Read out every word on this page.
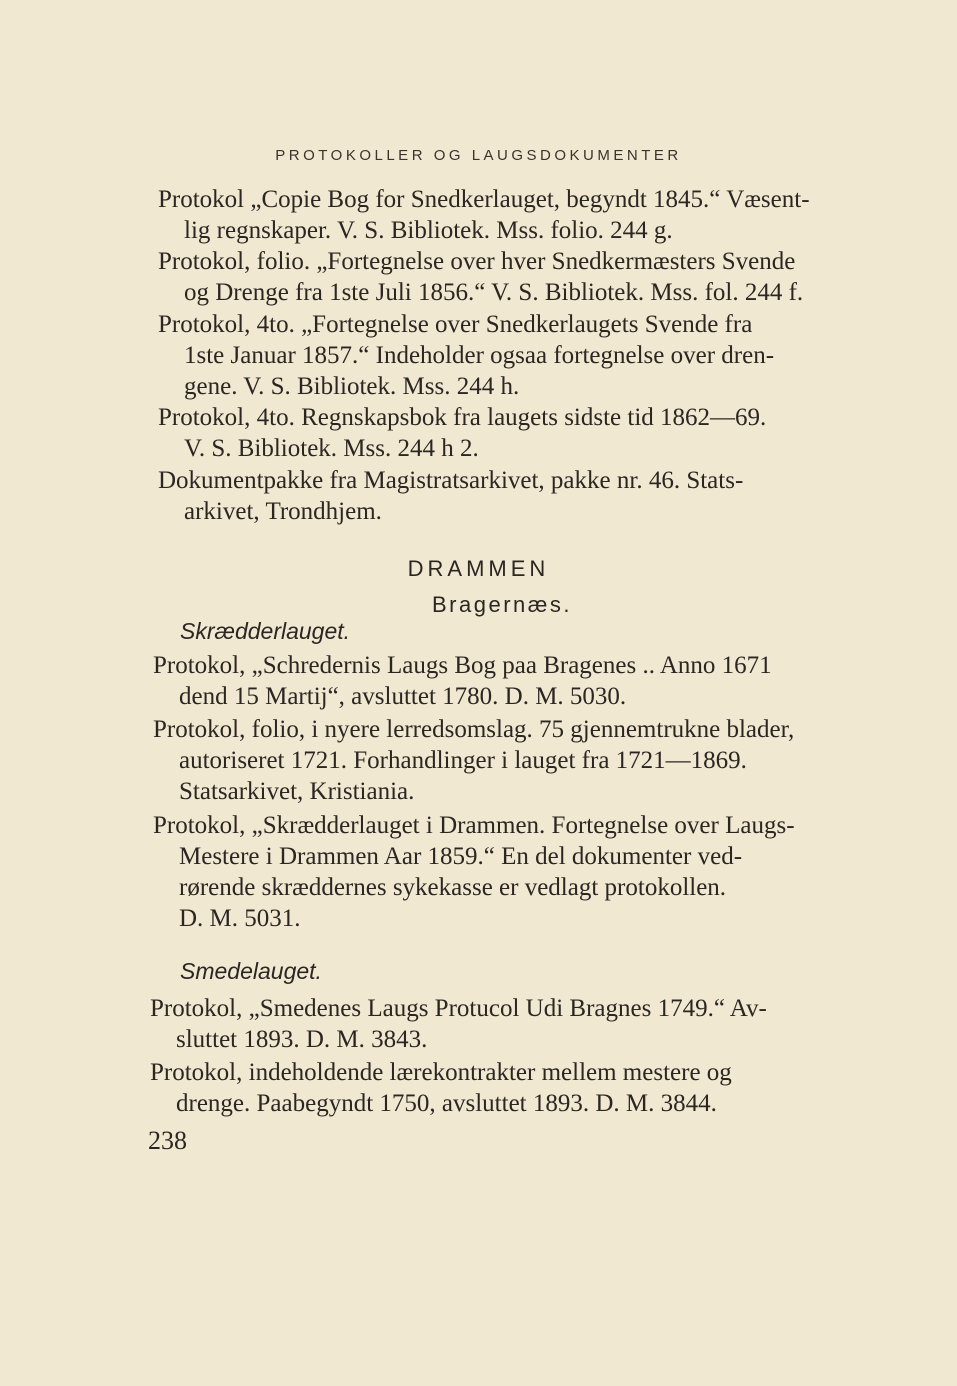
PROTOKOLLER OG LAUGSDOKUMENTER
Protokol „Copie Bog for Snedkerlauget, begyndt 1845.“ Væsent-
lig regnskaper. V. S. Bibliotek. Mss. folio. 244 g.
Protokol, folio. „Fortegnelse over hver Snedkermæsters Svende
og Drenge fra 1ste Juli 1856.“ V. S. Bibliotek. Mss. fol. 244 f.
Protokol, 4to. „Fortegnelse over Snedkerlaugets Svende fra
1ste Januar 1857.“ Indeholder ogsaa fortegnelse over dren-
gene. V. S. Bibliotek. Mss. 244 h.
Protokol, 4to. Regnskapsbok fra laugets sidste tid 1862—69.
V. S. Bibliotek. Mss. 244 h 2.
Dokumentpakke fra Magistratsarkivet, pakke nr. 46. Stats-
arkivet, Trondhjem.
DRAMMEN
Bragernæs.
Skrædderlauget.
Protokol, „Schredernis Laugs Bog paa Bragenes .. Anno 1671
dend 15 Martij“, avsluttet 1780. D. M. 5030.
Protokol, folio, i nyere lerredsomslag. 75 gjennemtrukne blader,
autoriseret 1721. Forhandlinger i lauget fra 1721—1869.
Statsarkivet, Kristiania.
Protokol, „Skrædderlauget i Drammen. Fortegnelse over Laugs-
Mestere i Drammen Aar 1859.“ En del dokumenter ved-
rørende skræddernes sykekasse er vedlagt protokollen.
D. M. 5031.
Smedelauget.
Protokol, „Smedenes Laugs Protucol Udi Bragnes 1749.“ Av-
sluttet 1893. D. M. 3843.
Protokol, indeholdende lærekontrakter mellem mestere og
drenge. Paabegyndt 1750, avsluttet 1893. D. M. 3844.
238
